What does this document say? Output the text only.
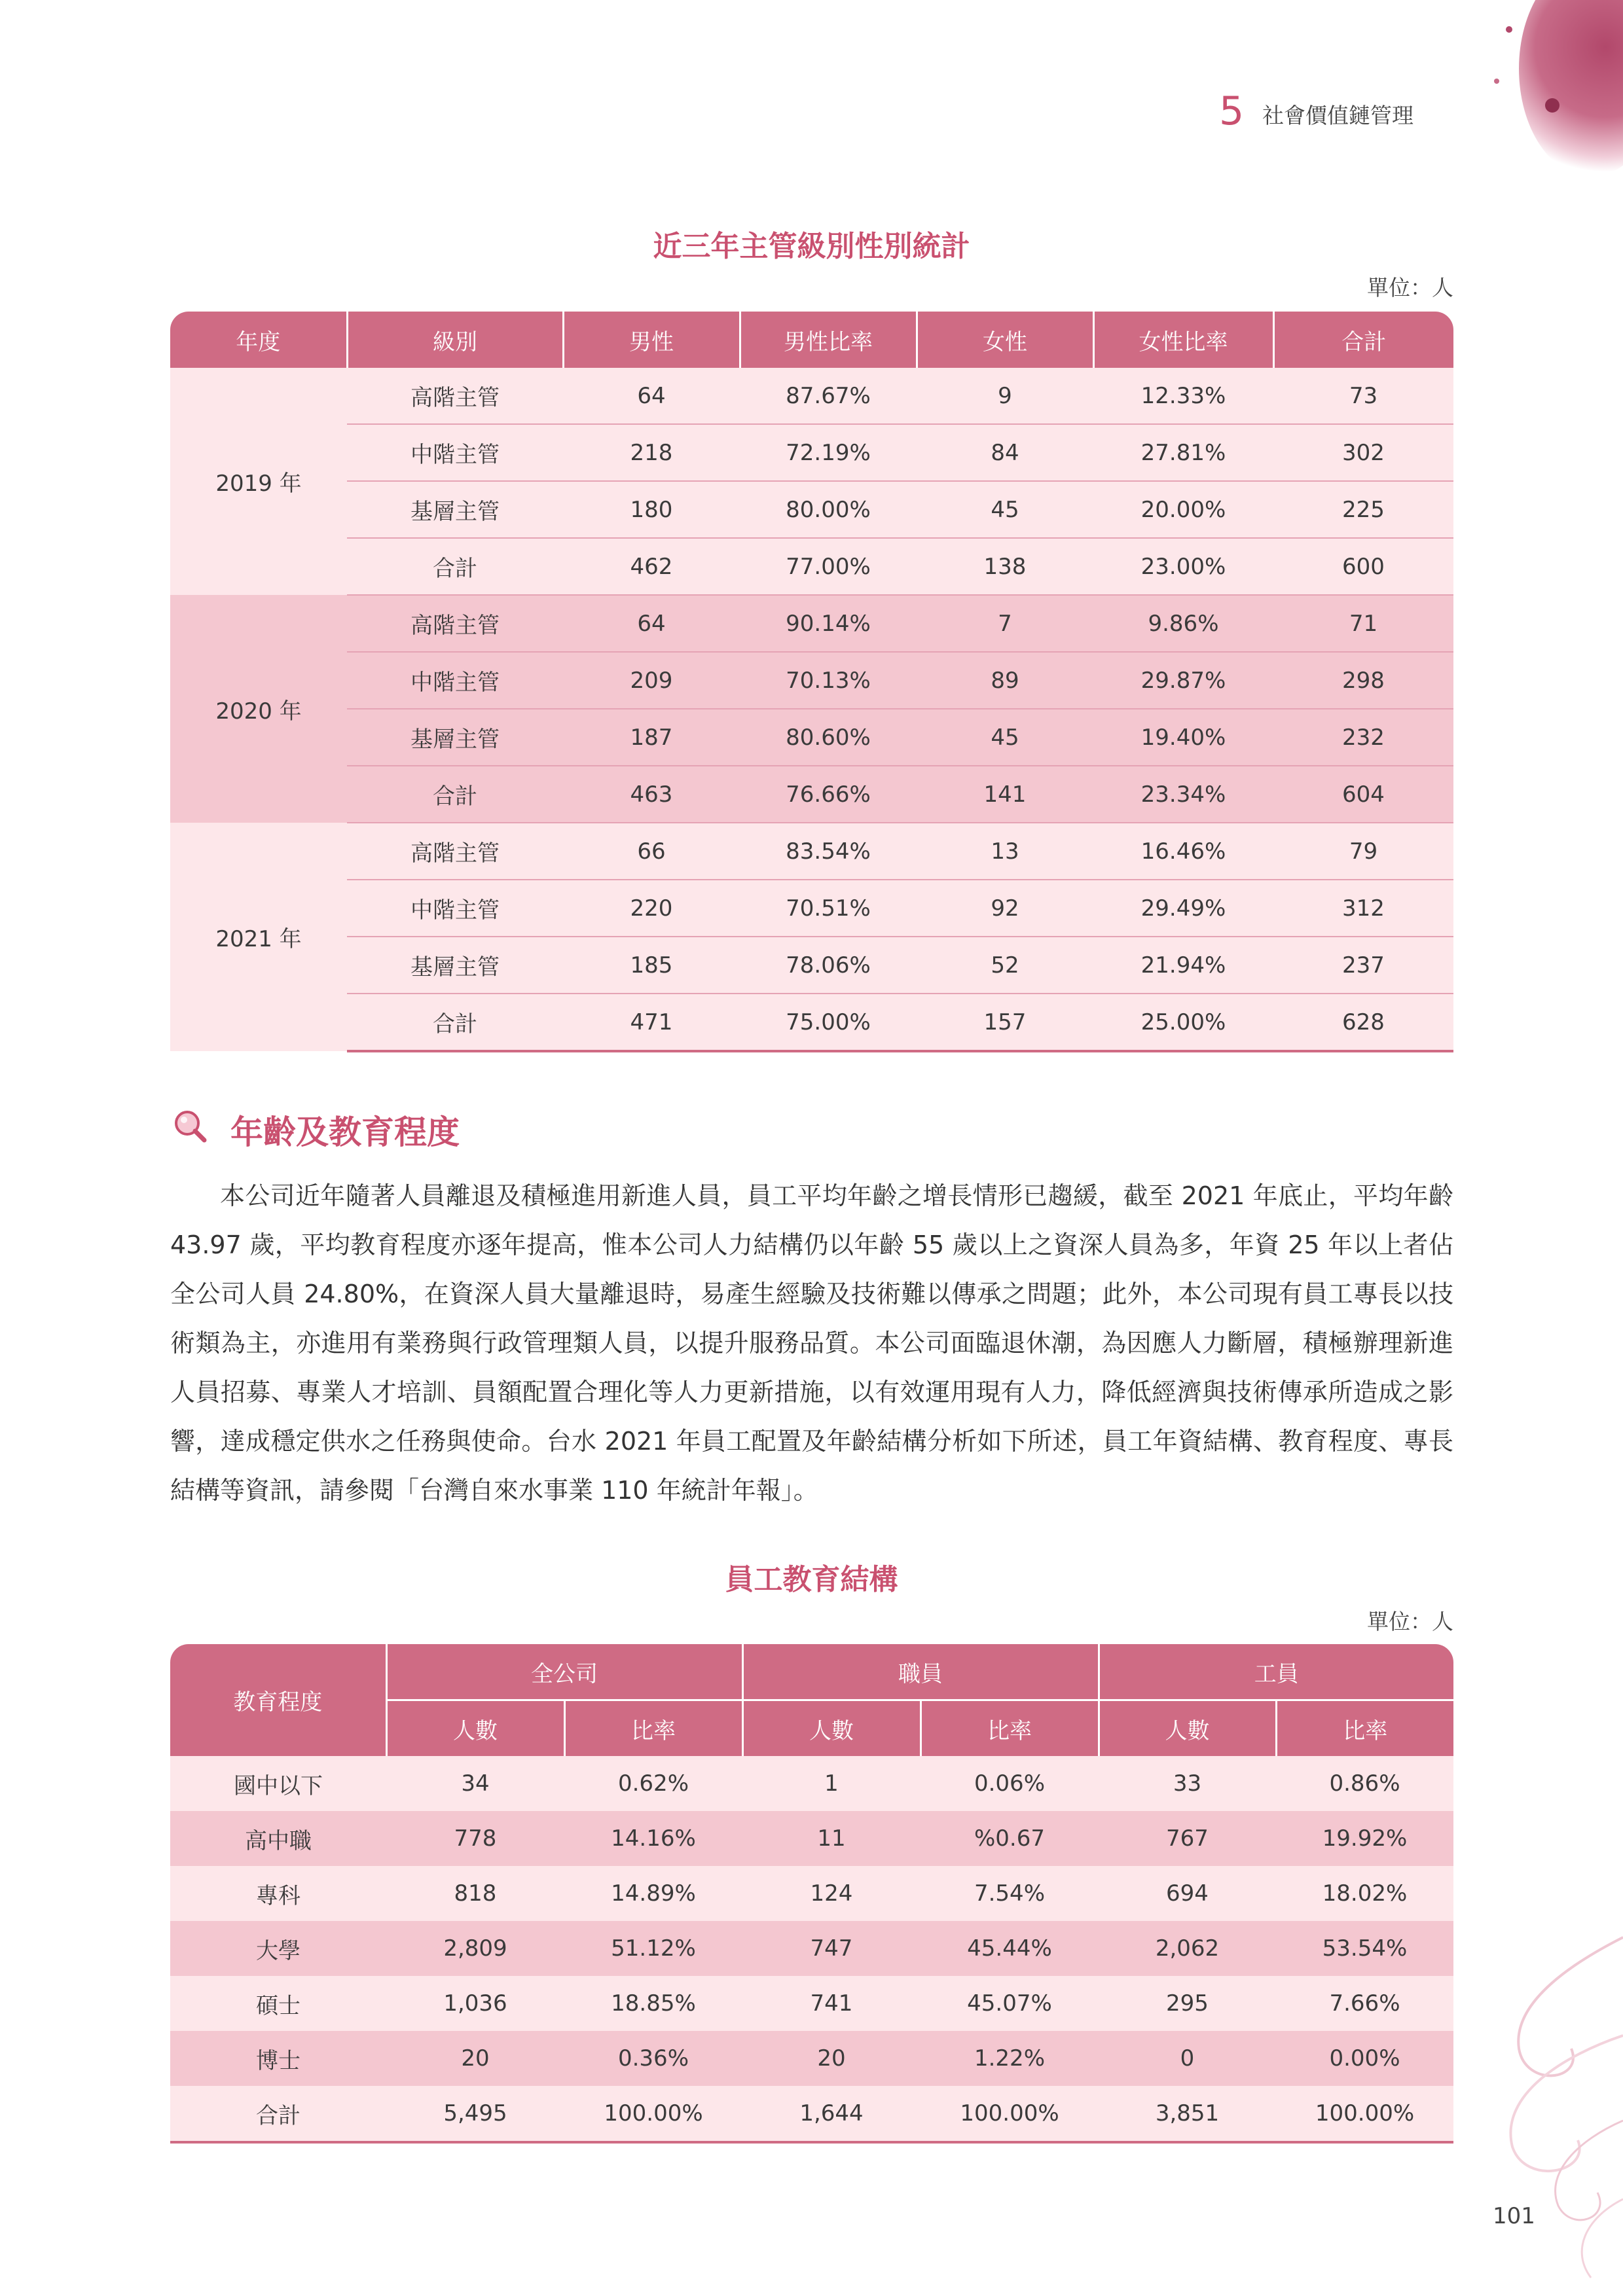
5 社會價值鏈管理
近三年主管級別性別統計
單位：人
年度	級別	男性	男性比率	女性	女性比率	合計
2019 年	高階主管	64	87.67%	9	12.33%	73
	中階主管	218	72.19%	84	27.81%	302
	基層主管	180	80.00%	45	20.00%	225
	合計	462	77.00%	138	23.00%	600
2020 年	高階主管	64	90.14%	7	9.86%	71
	中階主管	209	70.13%	89	29.87%	298
	基層主管	187	80.60%	45	19.40%	232
	合計	463	76.66%	141	23.34%	604
2021 年	高階主管	66	83.54%	13	16.46%	79
	中階主管	220	70.51%	92	29.49%	312
	基層主管	185	78.06%	52	21.94%	237
	合計	471	75.00%	157	25.00%	628
年齡及教育程度
本公司近年隨著人員離退及積極進用新進人員，員工平均年齡之增長情形已趨緩，截至 2021 年底止，平均年齡 43.97 歲，平均教育程度亦逐年提高，惟本公司人力結構仍以年齡 55 歲以上之資深人員為多，年資 25 年以上者佔全公司人員 24.80%，在資深人員大量離退時，易產生經驗及技術難以傳承之問題；此外，本公司現有員工專長以技術類為主，亦進用有業務與行政管理類人員，以提升服務品質。本公司面臨退休潮，為因應人力斷層，積極辦理新進人員招募、專業人才培訓、員額配置合理化等人力更新措施，以有效運用現有人力，降低經濟與技術傳承所造成之影響，達成穩定供水之任務與使命。台水 2021 年員工配置及年齡結構分析如下所述，員工年資結構、教育程度、專長結構等資訊，請參閱「台灣自來水事業 110 年統計年報」。
員工教育結構
單位：人
教育程度	全公司		職員		工員	
	人數	比率	人數	比率	人數	比率
國中以下	34	0.62%	1	0.06%	33	0.86%
高中職	778	14.16%	11	%0.67	767	19.92%
專科	818	14.89%	124	7.54%	694	18.02%
大學	2,809	51.12%	747	45.44%	2,062	53.54%
碩士	1,036	18.85%	741	45.07%	295	7.66%
博士	20	0.36%	20	1.22%	0	0.00%
合計	5,495	100.00%	1,644	100.00%	3,851	100.00%
101
